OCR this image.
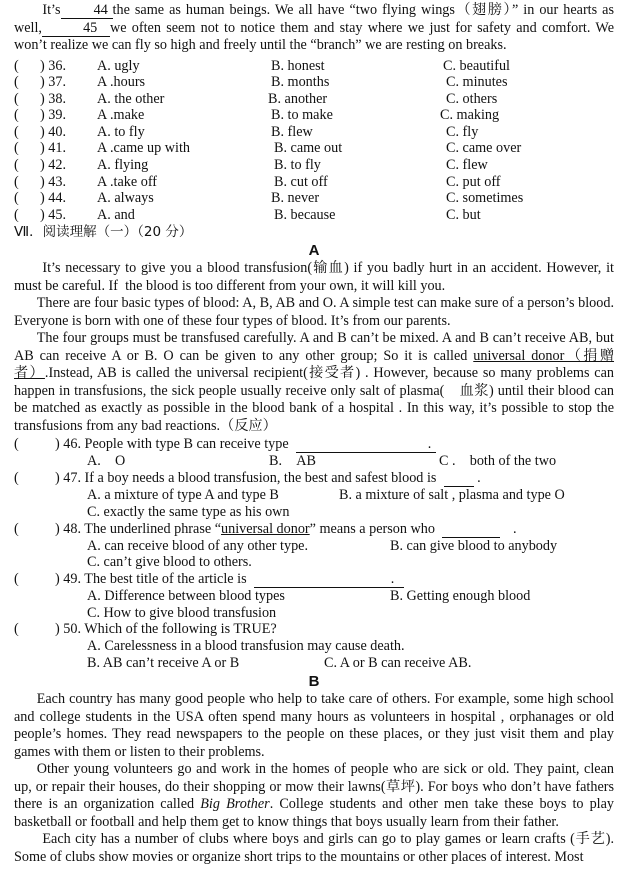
It’s 44 the same as human beings. We all have “two flying wings（翅膀）” in our hearts as well,	45 we often seem not to notice them and stay where we just for safety and comfort. We won’t realize we can fly so high and freely until the “branch” we are resting on breaks.

( ) 36. A. ugly	B. honest	C. beautiful
( ) 37. A .hours	B. months	C. minutes
( ) 38. A. the other	B. another	C. others
( ) 39. A .make	B. to make	C. making
( ) 40. A. to fly	B. flew	C. fly
( ) 41. A .came up with	B. came out	C. came over
( ) 42. A. flying	B. to fly	C. flew
( ) 43. A .take off	B. cut off	C. put off
( ) 44. A. always	B. never	C. sometimes
( ) 45. A. and	B. because	C. but
Ⅶ．阅读理解（一）（20 分）
A

It’s necessary to give you a blood transfusion(输血) if you badly hurt in an accident. However, it must be careful. If the blood is too different from your own, it will kill you.

There are four basic types of blood: A, B, AB and O. A simple test can make sure of a person’s blood. Everyone is born with one of these four types of blood. It’s from our parents.

The four groups must be transfused carefully. A and B can’t be mixed. A and B can’t receive AB, but AB can receive A or B. O can be given to any other group; So it is called universal donor（捐赠者）.Instead, AB is called the universal recipient(接受者) . However, because so many problems can happen in transfusions, the sick people usually receive only salt of plasma(　血浆) until their blood can be matched as exactly as possible in the blood bank of a hospital . In this way, it’s possible to stop the transfusions from any bad reactions.（反应）

(	) 46. People with type B can receive type  　　　　　　　　　.　　　　
A.　O	B.　AB	C .　both of the two
(	) 47. If a boy needs a blood transfusion, the best and safest blood is  　　　	.
A. a mixture of type A and type B	B. a mixture of salt , plasma and type O
C. exactly the same type as his own
(	) 48. The underlined phrase “universal donor” means a person who  　　　　　.
A. can receive blood of any other type.	B. can give blood to anybody
C. can’t give blood to others.
(	) 49. The best title of the article is  　　　　　　　　　.
A. Difference between blood types	B. Getting enough blood
C. How to give blood transfusion
(	) 50. Which of the following is TRUE?
A. Carelessness in a blood transfusion may cause death.
B. AB can’t receive A or B	C. A or B can receive AB.
B

Each country has many good people who help to take care of others. For example, some high school and college students in the USA often spend many hours as volunteers in hospital , orphanages or old people’s homes. They read newspapers to the people on these places, or they just visit them and play games with them or listen to their problems.

Other young volunteers go and work in the homes of people who are sick or old. They paint, clean up, or repair their houses, do their shopping or mow their lawns(草坪). For boys who don’t have fathers there is an organization called Big Brother. College students and other men take these boys to play basketball or football and help them get to know things that boys usually learn from their father.

Each city has a number of clubs where boys and girls can go to play games or learn crafts (手艺). Some of clubs show movies or organize short trips to the mountains or other places of interest. Most
